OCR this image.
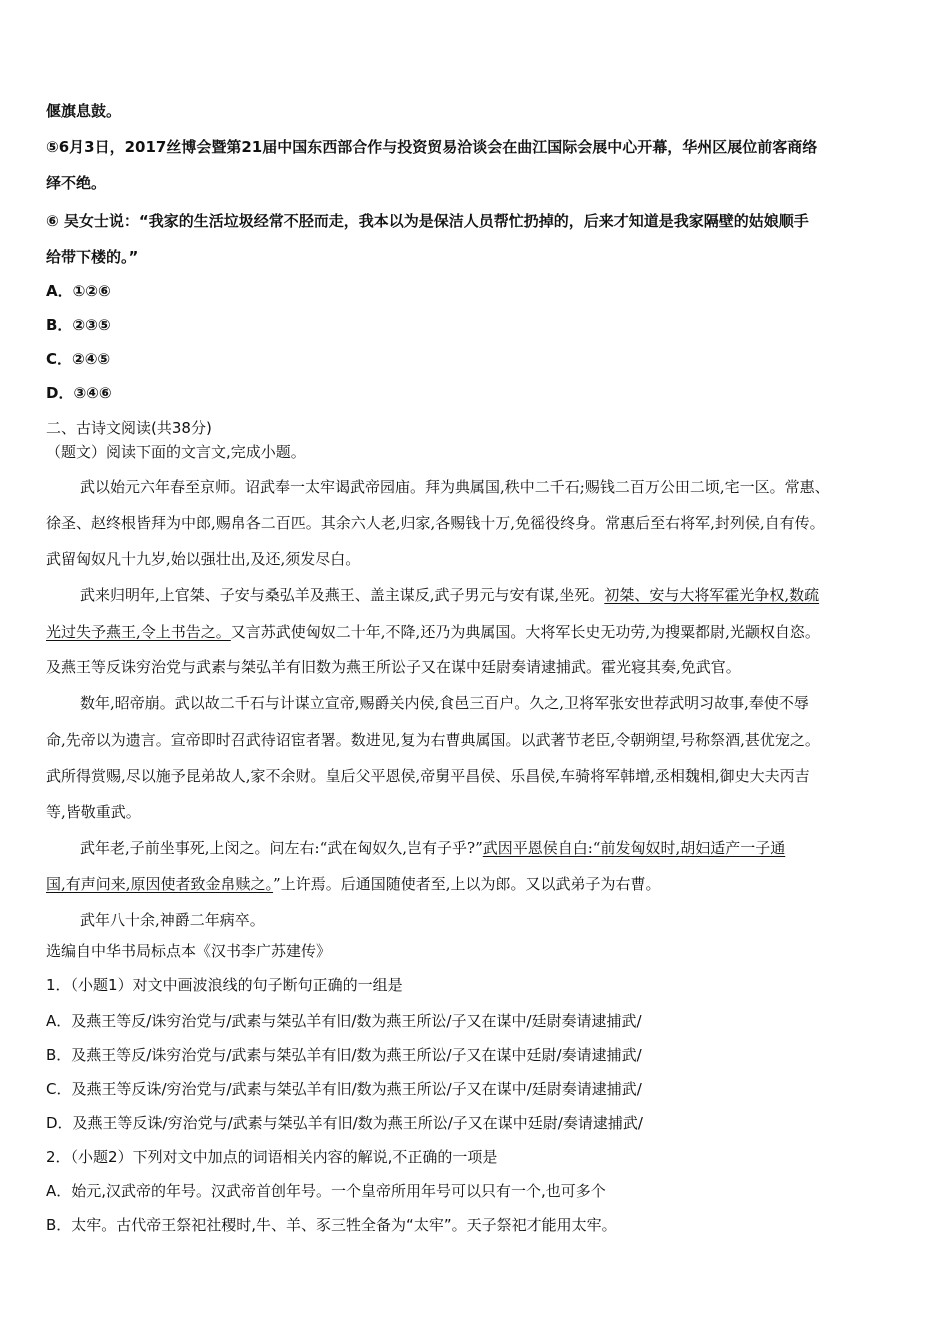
偃旗息鼓。
⑤6月3日，2017丝博会暨第21届中国东西部合作与投资贸易洽谈会在曲江国际会展中心开幕，华州区展位前客商络
绎不绝。
⑥ 吴女士说：“我家的生活垃圾经常不胫而走，我本以为是保洁人员帮忙扔掉的，后来才知道是我家隔壁的姑娘顺手
给带下楼的。”
A．①②⑥
B．②③⑤
C．②④⑤
D．③④⑥
二、古诗文阅读(共38分)
（题文）阅读下面的文言文,完成小题。
武以始元六年春至京师。诏武奉一太牢谒武帝园庙。拜为典属国,秩中二千石;赐钱二百万公田二顷,宅一区。常惠、
徐圣、赵终根皆拜为中郎,赐帛各二百匹。其余六人老,归家,各赐钱十万,免徭役终身。常惠后至右将军,封列侯,自有传。
武留匈奴凡十九岁,始以强壮出,及还,须发尽白。
武来归明年,上官桀、子安与桑弘羊及燕王、盖主谋反,武子男元与安有谋,坐死。初桀、安与大将军霍光争权,数疏
光过失予燕王,令上书告之。又言苏武使匈奴二十年,不降,还乃为典属国。大将军长史无功劳,为搜粟都尉,光颛权自恣。
及燕王等反诛穷治党与武素与桀弘羊有旧数为燕王所讼子又在谋中廷尉奏请逮捕武。霍光寝其奏,免武官。
数年,昭帝崩。武以故二千石与计谋立宣帝,赐爵关内侯,食邑三百户。久之,卫将军张安世荐武明习故事,奉使不辱
命,先帝以为遗言。宣帝即时召武待诏宦者署。数进见,复为右曹典属国。以武著节老臣,令朝朔望,号称祭酒,甚优宠之。
武所得赏赐,尽以施予昆弟故人,家不余财。皇后父平恩侯,帝舅平昌侯、乐昌侯,车骑将军韩增,丞相魏相,御史大夫丙吉
等,皆敬重武。
武年老,子前坐事死,上闵之。问左右:“武在匈奴久,岂有子乎?”武因平恩侯自白:“前发匈奴时,胡妇适产一子通
国,有声问来,原因使者致金帛赎之。”上许焉。后通国随使者至,上以为郎。又以武弟子为右曹。
武年八十余,神爵二年病卒。
选编自中华书局标点本《汉书李广苏建传》
1．（小题1）对文中画波浪线的句子断句正确的一组是
A．及燕王等反/诛穷治党与/武素与桀弘羊有旧/数为燕王所讼/子又在谋中/廷尉奏请逮捕武/
B．及燕王等反/诛穷治党与/武素与桀弘羊有旧/数为燕王所讼/子又在谋中廷尉/奏请逮捕武/
C．及燕王等反诛/穷治党与/武素与桀弘羊有旧/数为燕王所讼/子又在谋中/廷尉奏请逮捕武/
D．及燕王等反诛/穷治党与/武素与桀弘羊有旧/数为燕王所讼/子又在谋中廷尉/奏请逮捕武/
2．（小题2）下列对文中加点的词语相关内容的解说,不正确的一项是
A．始元,汉武帝的年号。汉武帝首创年号。一个皇帝所用年号可以只有一个,也可多个
B．太牢。古代帝王祭祀社稷时,牛、羊、豕三牲全备为“太牢”。天子祭祀才能用太牢。
